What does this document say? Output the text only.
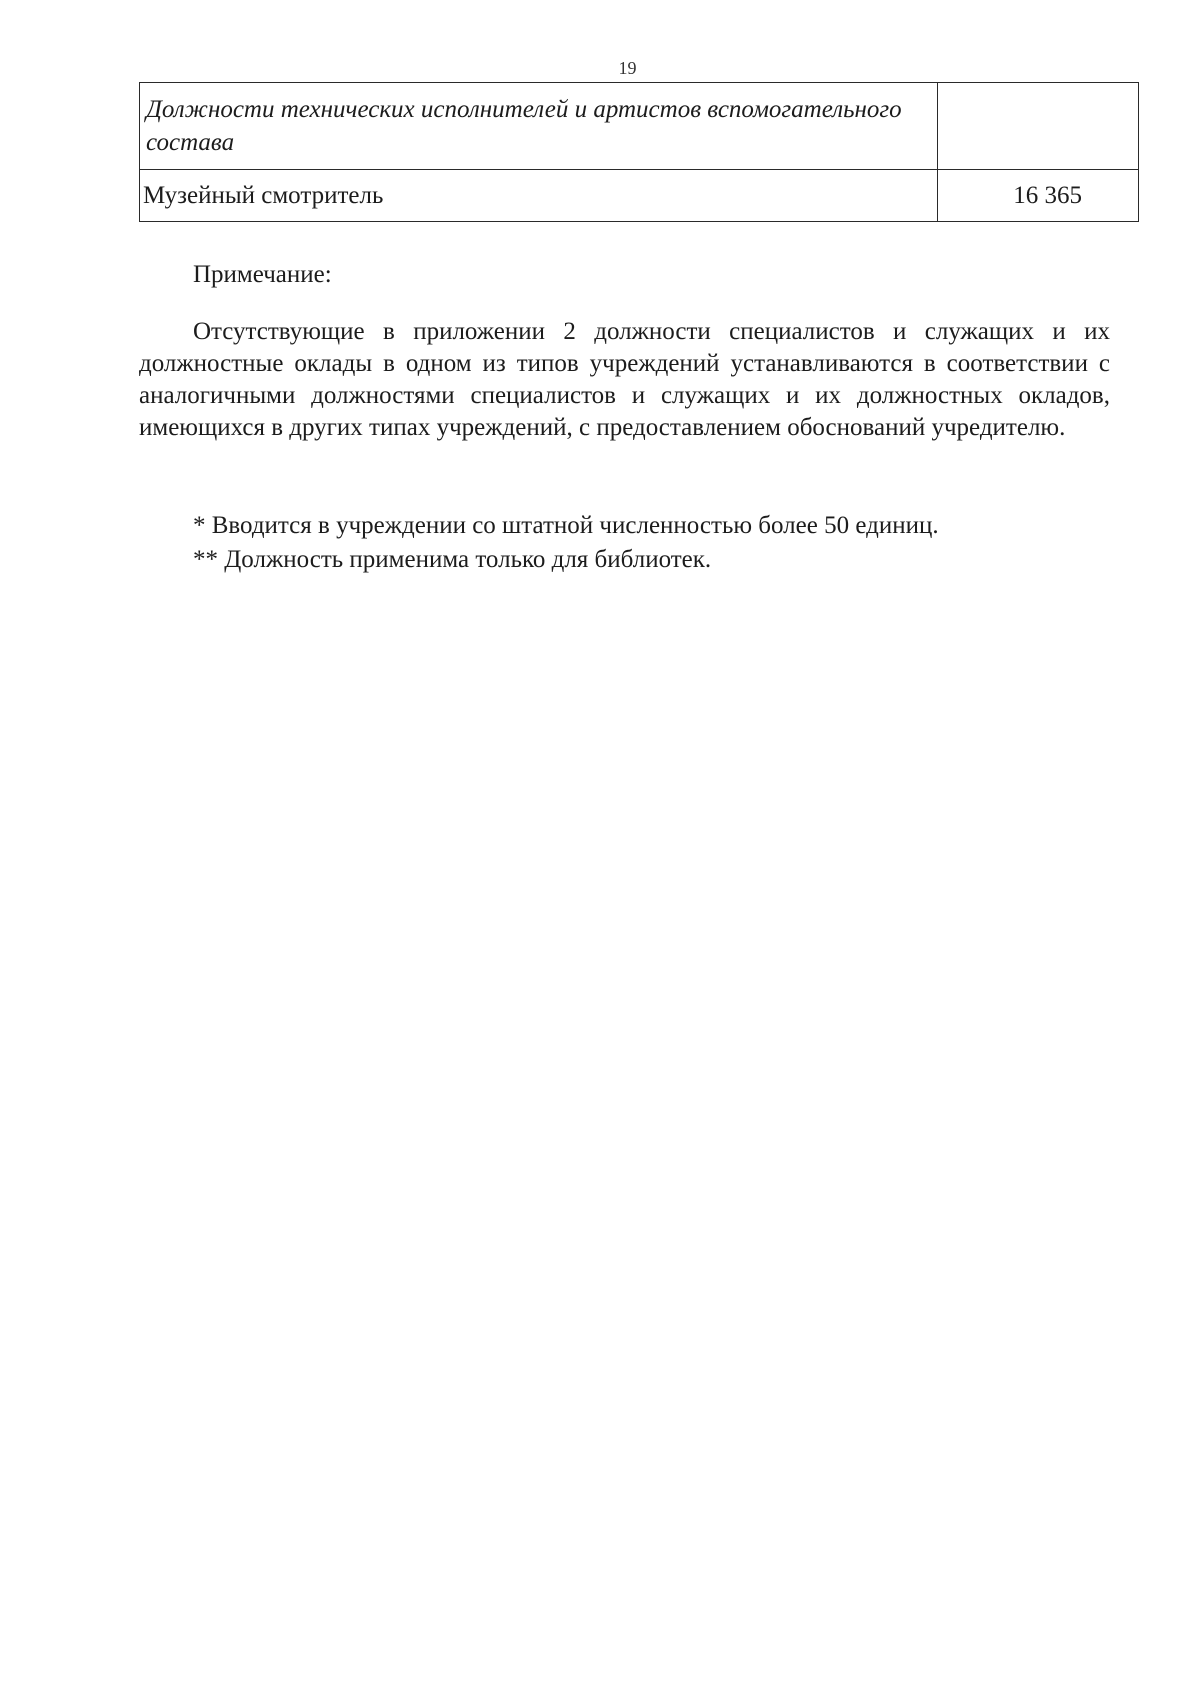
19
Должности технических исполнителей и артистов вспомогательного состава	

Музейный смотритель	16 365
Примечание:

Отсутствующие в приложении 2 должности специалистов и служащих и их должностные оклады в одном из типов учреждений устанавливаются в соответствии с аналогичными должностями специалистов и служащих и их должностных окладов, имеющихся в других типах учреждений, с предоставлением обоснований учредителю.

* Вводится в учреждении со штатной численностью более 50 единиц.
** Должность применима только для библиотек.
